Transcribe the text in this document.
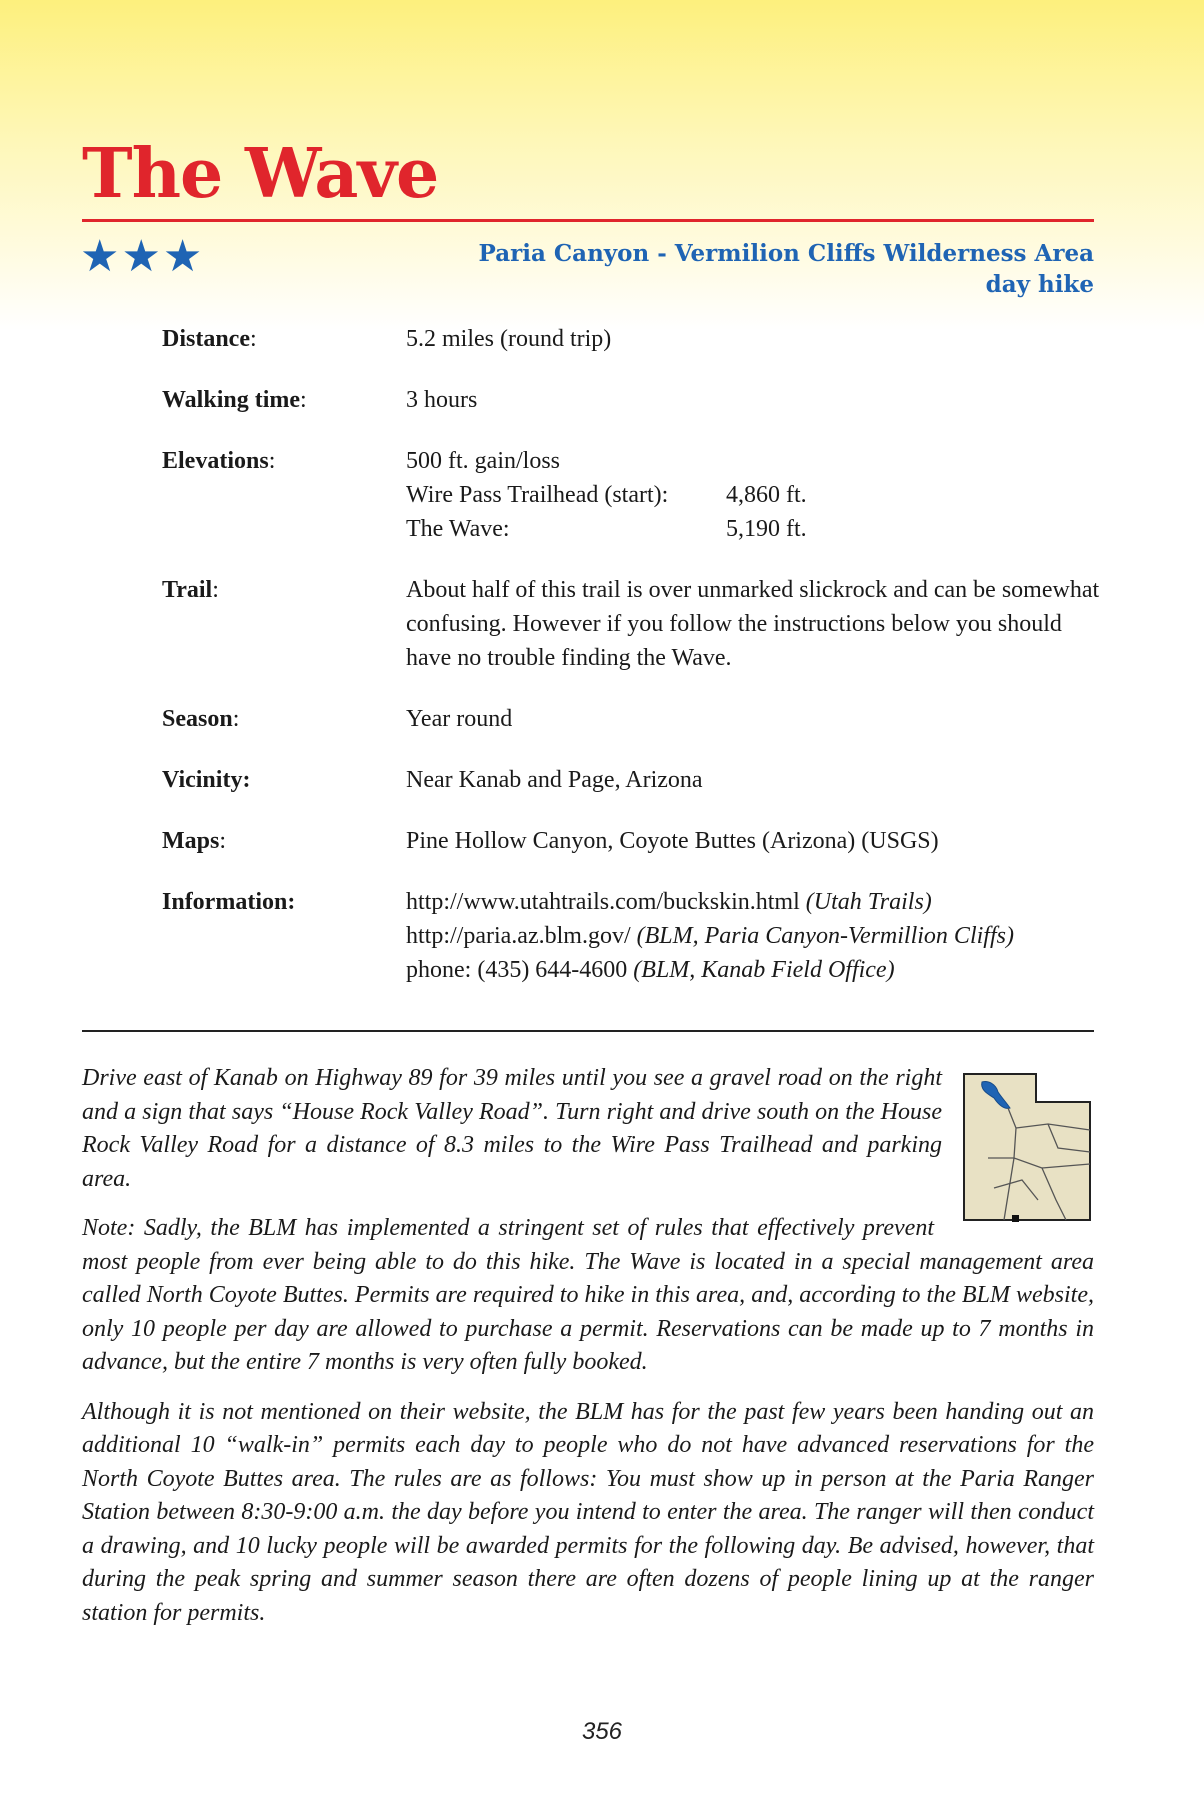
The Wave
★★★	Paria Canyon - Vermilion Cliffs Wilderness Area
day hike
Distance:	5.2 miles (round trip)
Walking time:	3 hours
Elevations:	500 ft. gain/loss
Wire Pass Trailhead (start):	4,860 ft.
The Wave:	5,190 ft.
Trail:	About half of this trail is over unmarked slickrock and can be somewhat confusing. However if you follow the instructions below you should have no trouble finding the Wave.
Season:	Year round
Vicinity:	Near Kanab and Page, Arizona
Maps:	Pine Hollow Canyon, Coyote Buttes (Arizona) (USGS)
Information:	http://www.utahtrails.com/buckskin.html (Utah Trails)
http://paria.az.blm.gov/ (BLM, Paria Canyon-Vermillion Cliffs)
phone: (435) 644-4600 (BLM, Kanab Field Office)

Drive east of Kanab on Highway 89 for 39 miles until you see a gravel road on the right and a sign that says “House Rock Valley Road”. Turn right and drive south on the House Rock Valley Road for a distance of 8.3 miles to the Wire Pass Trailhead and parking area.

Note: Sadly, the BLM has implemented a stringent set of rules that effectively prevent most people from ever being able to do this hike. The Wave is located in a special management area called North Coyote Buttes. Permits are required to hike in this area, and, according to the BLM website, only 10 people per day are allowed to purchase a permit. Reservations can be made up to 7 months in advance, but the entire 7 months is very often fully booked.

Although it is not mentioned on their website, the BLM has for the past few years been handing out an additional 10 “walk-in” permits each day to people who do not have advanced reservations for the North Coyote Buttes area. The rules are as follows: You must show up in person at the Paria Ranger Station between 8:30-9:00 a.m. the day before you intend to enter the area. The ranger will then conduct a drawing, and 10 lucky people will be awarded permits for the following day. Be advised, however, that during the peak spring and summer season there are often dozens of people lining up at the ranger station for permits.

356
